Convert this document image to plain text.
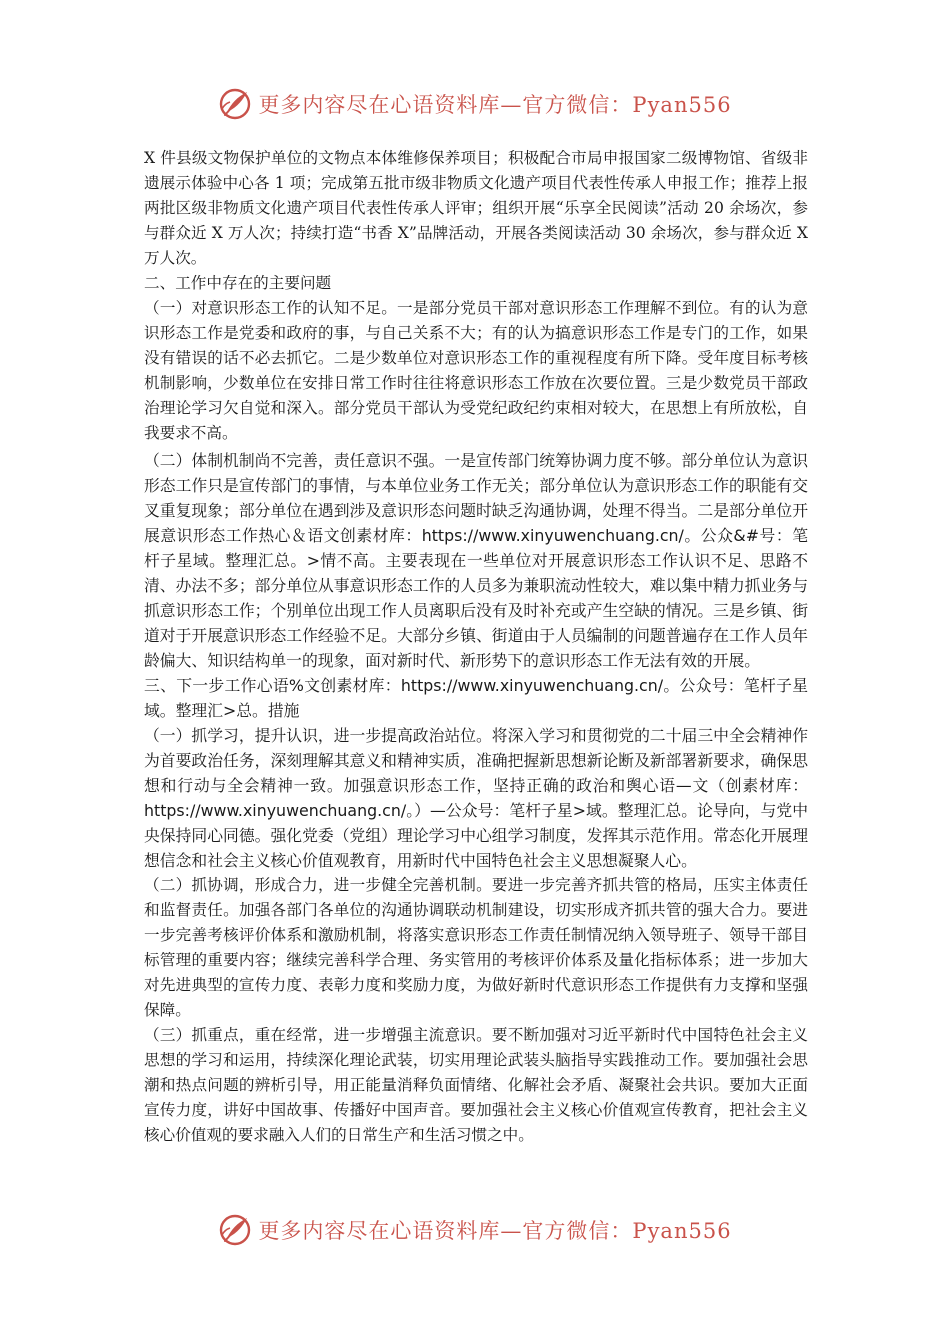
更多内容尽在心语资料库—官方微信：Pyan556

X 件县级文物保护单位的文物点本体维修保养项目；积极配合市局申报国家二级博物馆、省级非遗展示体验中心各 1 项；完成第五批市级非物质文化遗产项目代表性传承人申报工作；推荐上报两批区级非物质文化遗产项目代表性传承人评审；组织开展“乐享全民阅读”活动 20 余场次，参与群众近 X 万人次；持续打造“书香 X”品牌活动，开展各类阅读活动 30 余场次，参与群众近 X 万人次。

二、工作中存在的主要问题

（一）对意识形态工作的认知不足。一是部分党员干部对意识形态工作理解不到位。有的认为意识形态工作是党委和政府的事，与自己关系不大；有的认为搞意识形态工作是专门的工作，如果没有错误的话不必去抓它。二是少数单位对意识形态工作的重视程度有所下降。受年度目标考核机制影响，少数单位在安排日常工作时往往将意识形态工作放在次要位置。三是少数党员干部政治理论学习欠自觉和深入。部分党员干部认为受党纪政纪约束相对较大，在思想上有所放松，自我要求不高。

（二）体制机制尚不完善，责任意识不强。一是宣传部门统筹协调力度不够。部分单位认为意识形态工作只是宣传部门的事情，与本单位业务工作无关；部分单位认为意识形态工作的职能有交叉重复现象；部分单位在遇到涉及意识形态问题时缺乏沟通协调，处理不得当。二是部分单位开展意识形态工作热心＆语文创素材库：https://www.xinyuwenchuang.cn/。公众&#号：笔杆子星域。整理汇总。>情不高。主要表现在一些单位对开展意识形态工作认识不足、思路不清、办法不多；部分单位从事意识形态工作的人员多为兼职流动性较大，难以集中精力抓业务与抓意识形态工作；个别单位出现工作人员离职后没有及时补充或产生空缺的情况。三是乡镇、街道对于开展意识形态工作经验不足。大部分乡镇、街道由于人员编制的问题普遍存在工作人员年龄偏大、知识结构单一的现象，面对新时代、新形势下的意识形态工作无法有效的开展。

三、下一步工作心语%文创素材库：https://www.xinyuwenchuang.cn/。公众号：笔杆子星域。整理汇>总。措施

（一）抓学习，提升认识，进一步提高政治站位。将深入学习和贯彻党的二十届三中全会精神作为首要政治任务，深刻理解其意义和精神实质，准确把握新思想新论断及新部署新要求，确保思想和行动与全会精神一致。加强意识形态工作，坚持正确的政治和舆心语—文（创素材库：https://www.xinyuwenchuang.cn/。）—公众号：笔杆子星>域。整理汇总。论导向，与党中央保持同心同德。强化党委（党组）理论学习中心组学习制度，发挥其示范作用。常态化开展理想信念和社会主义核心价值观教育，用新时代中国特色社会主义思想凝聚人心。

（二）抓协调，形成合力，进一步健全完善机制。要进一步完善齐抓共管的格局，压实主体责任和监督责任。加强各部门各单位的沟通协调联动机制建设，切实形成齐抓共管的强大合力。要进一步完善考核评价体系和激励机制，将落实意识形态工作责任制情况纳入领导班子、领导干部目标管理的重要内容；继续完善科学合理、务实管用的考核评价体系及量化指标体系；进一步加大对先进典型的宣传力度、表彰力度和奖励力度，为做好新时代意识形态工作提供有力支撑和坚强保障。

（三）抓重点，重在经常，进一步增强主流意识。要不断加强对习近平新时代中国特色社会主义思想的学习和运用，持续深化理论武装，切实用理论武装头脑指导实践推动工作。要加强社会思潮和热点问题的辨析引导，用正能量消释负面情绪、化解社会矛盾、凝聚社会共识。要加大正面宣传力度，讲好中国故事、传播好中国声音。要加强社会主义核心价值观宣传教育，把社会主义核心价值观的要求融入人们的日常生产和生活习惯之中。

更多内容尽在心语资料库—官方微信：Pyan556
